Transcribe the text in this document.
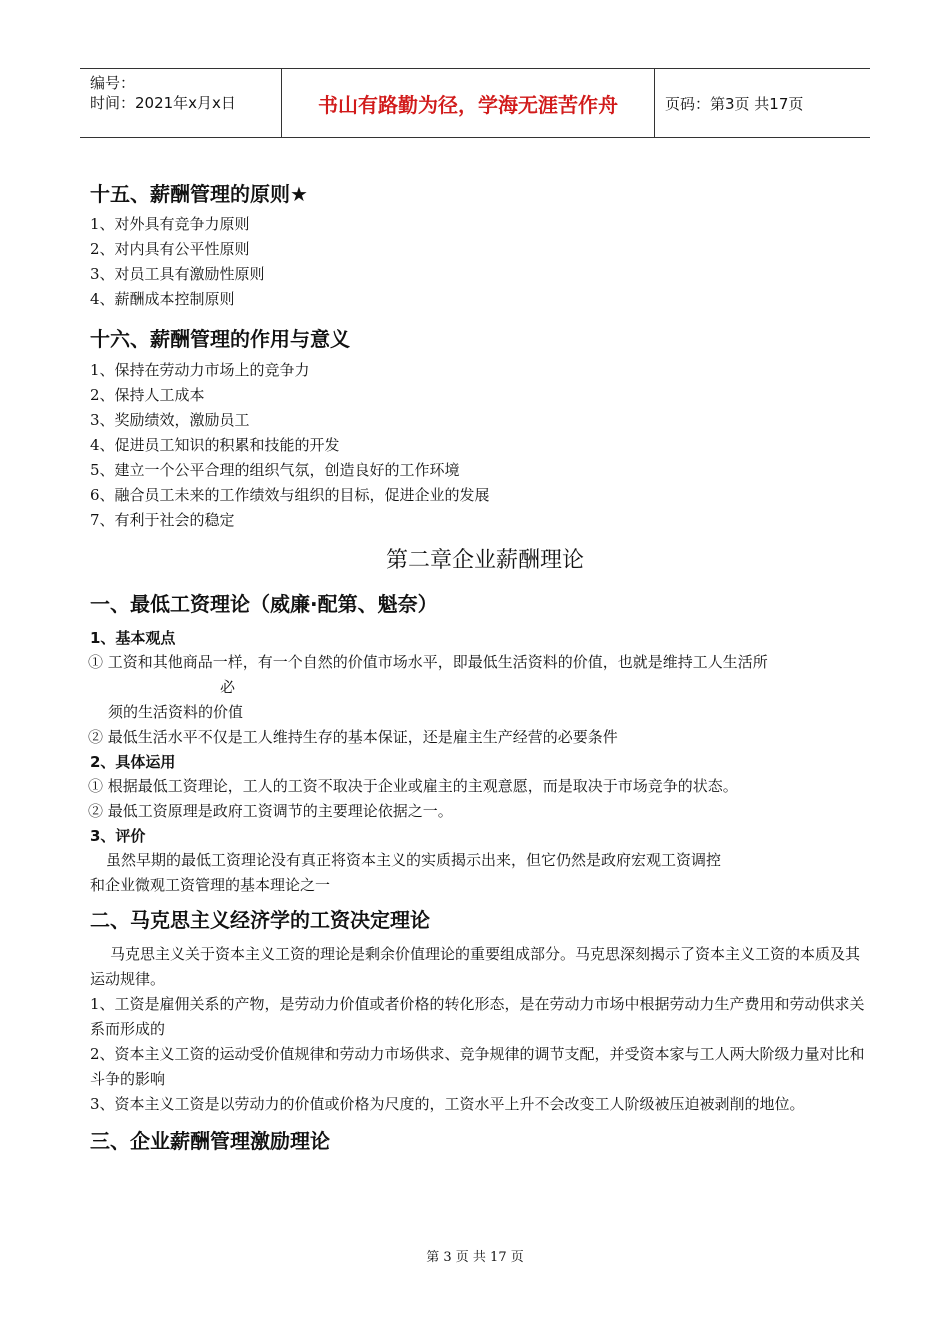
编号：
时间：2021年x月x日	书山有路勤为径，学海无涯苦作舟	页码：第3页 共17页

十五、薪酬管理的原则★

1、对外具有竞争力原则

2、对内具有公平性原则

3、对员工具有激励性原则

4、薪酬成本控制原则

十六、薪酬管理的作用与意义

1、保持在劳动力市场上的竞争力

2、保持人工成本

3、奖励绩效，激励员工

4、促进员工知识的积累和技能的开发

5、建立一个公平合理的组织气氛，创造良好的工作环境

6、融合员工未来的工作绩效与组织的目标，促进企业的发展

7、有利于社会的稳定

第二章企业薪酬理论

一、最低工资理论（威廉·配第、魁奈）

1、基本观点

① 工资和其他商品一样，有一个自然的价值市场水平，即最低生活资料的价值，也就是维持工人生活所

必

须的生活资料的价值

② 最低生活水平不仅是工人维持生存的基本保证，还是雇主生产经营的必要条件

2、具体运用

① 根据最低工资理论，工人的工资不取决于企业或雇主的主观意愿，而是取决于市场竞争的状态。

② 最低工资原理是政府工资调节的主要理论依据之一。

3、评价

虽然早期的最低工资理论没有真正将资本主义的实质揭示出来，但它仍然是政府宏观工资调控

和企业微观工资管理的基本理论之一

二、马克思主义经济学的工资决定理论

马克思主义关于资本主义工资的理论是剩余价值理论的重要组成部分。马克思深刻揭示了资本主义工资的本质及其运动规律。

1、工资是雇佣关系的产物，是劳动力价值或者价格的转化形态，是在劳动力市场中根据劳动力生产费用和劳动供求关系而形成的

2、资本主义工资的运动受价值规律和劳动力市场供求、竞争规律的调节支配，并受资本家与工人两大阶级力量对比和斗争的影响

3、资本主义工资是以劳动力的价值或价格为尺度的，工资水平上升不会改变工人阶级被压迫被剥削的地位。

三、企业薪酬管理激励理论

第 3 页 共 17 页
